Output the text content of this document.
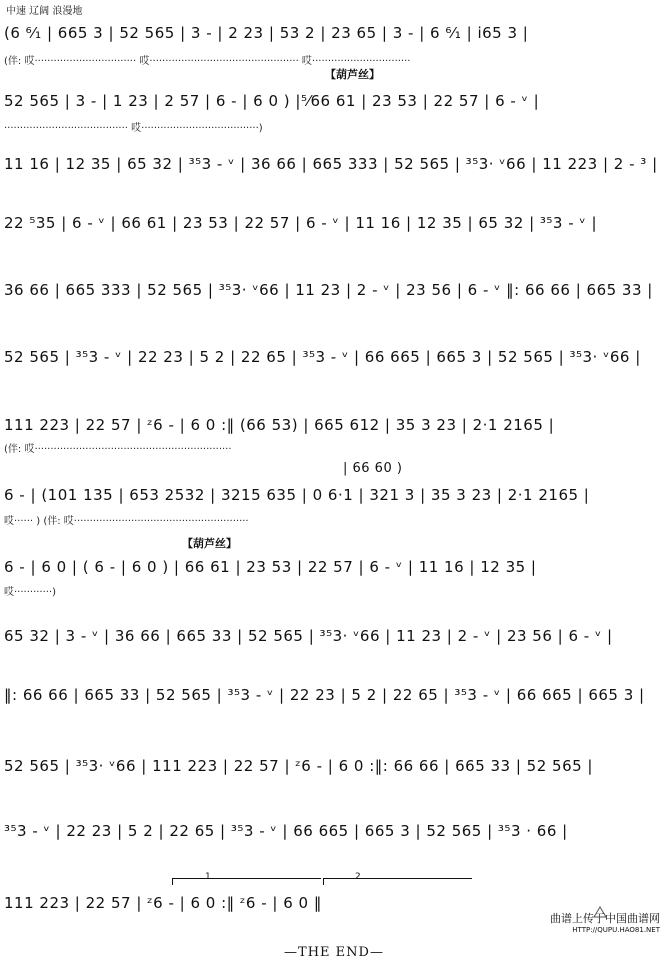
中速 辽阔 浪漫地
【葫芦丝】
【葫芦丝】
(6 ⁶⁄₁ | 665 3 | 52 565 | 3 - | 2 23 | 53 2 | 23 65 | 3 - | 6 ⁶⁄₁ | i65 3 |
(伴: 哎································ 哎··············································· 哎·······························
52 565 | 3 - | 1 23 | 2 57 | 6 - | 6 0 ) |⁵⁄66 61 | 23 53 | 22 57 | 6 - ᵛ |
······································· 哎·····································)
11 16 | 12 35 | 65 32 | ³⁵3 - ᵛ | 36 66 | 665 333 | 52 565 | ³⁵3· ᵛ66 | 11 223 | 2 - ³ |
22 ⁵35 | 6 - ᵛ | 66 61 | 23 53 | 22 57 | 6 - ᵛ | 11 16 | 12 35 | 65 32 | ³⁵3 - ᵛ |
36 66 | 665 333 | 52 565 | ³⁵3· ᵛ66 | 11 23 | 2 - ᵛ | 23 56 | 6 - ᵛ ‖: 66 66 | 665 33 |
52 565 | ³⁵3 - ᵛ | 22 23 | 5 2 | 22 65 | ³⁵3 - ᵛ | 66 665 | 665 3 | 52 565 | ³⁵3· ᵛ66 |
111 223 | 22 57 | ᶻ6 - | 6 0 :‖ (66 53) | 665 612 | 35 3 23 | 2·1 2165 |
(伴: 哎······························································
| 66 60 )
6 - | (101 135 | 653 2532 | 3215 635 | 0 6·1 | 321 3 | 35 3 23 | 2·1 2165 |
哎······ ) (伴: 哎·······················································
6 - | 6 0 | ( 6 - | 6 0 ) | 66 61 | 23 53 | 22 57 | 6 - ᵛ | 11 16 | 12 35 |
哎············)
65 32 | 3 - ᵛ | 36 66 | 665 33 | 52 565 | ³⁵3· ᵛ66 | 11 23 | 2 - ᵛ | 23 56 | 6 - ᵛ |
‖: 66 66 | 665 33 | 52 565 | ³⁵3 - ᵛ | 22 23 | 5 2 | 22 65 | ³⁵3 - ᵛ | 66 665 | 665 3 |
52 565 | ³⁵3· ᵛ66 | 111 223 | 22 57 | ᶻ6 - | 6 0 :‖: 66 66 | 665 33 | 52 565 |
³⁵3 - ᵛ | 22 23 | 5 2 | 22 65 | ³⁵3 - ᵛ | 66 665 | 665 3 | 52 565 | ³⁵3 · 66 |
1	2
111 223 | 22 57 | ᶻ6 - | 6 0 :‖ ᶻ6 - | 6 0 ‖
曲谱上传于中国曲谱网
HTTP://QUPU.HAO81.NET
—THE END—
